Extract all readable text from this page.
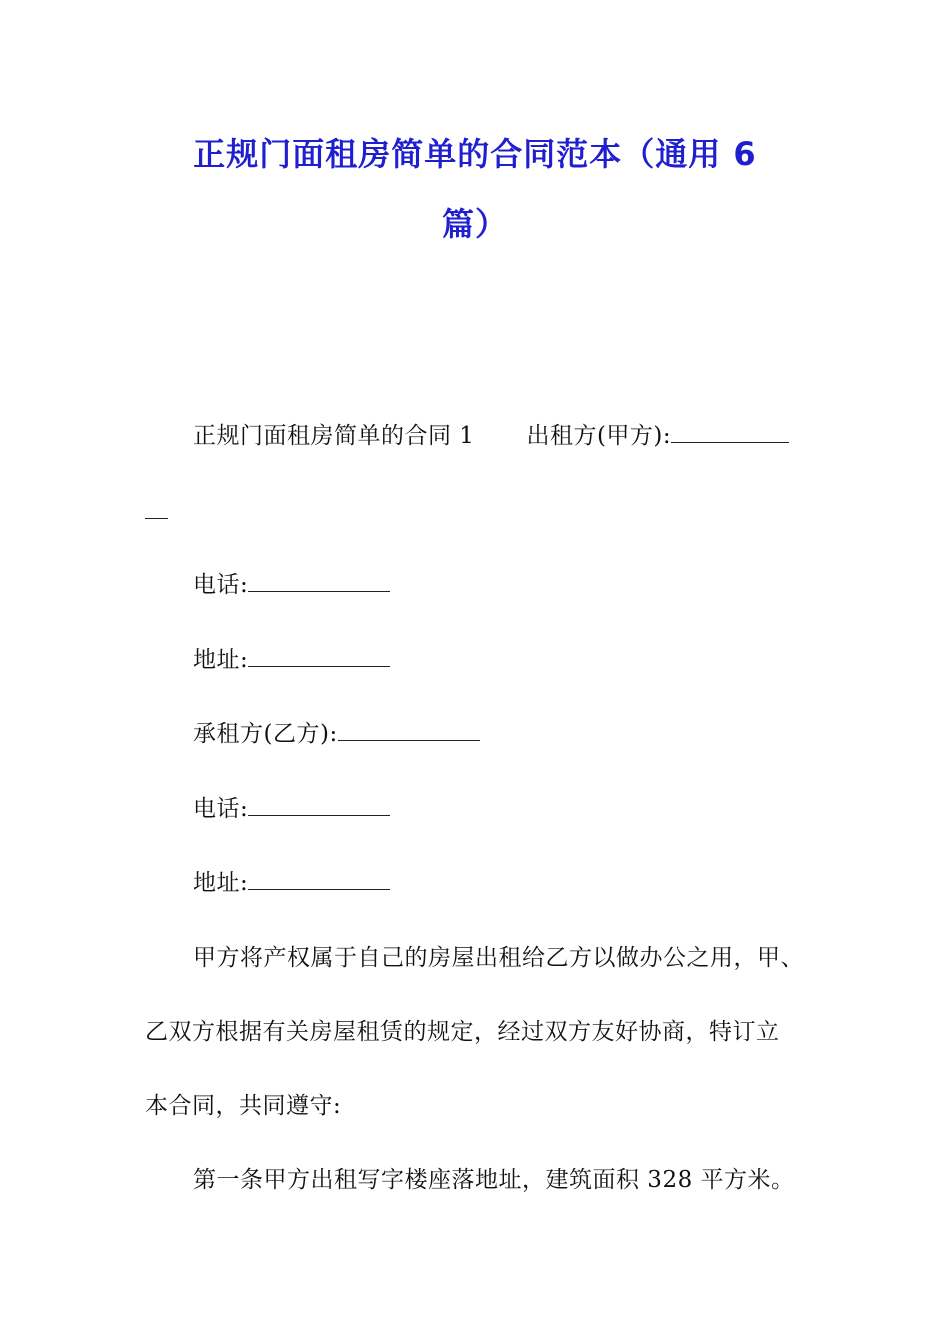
正规门面租房简单的合同范本（通用 6
篇）
正规门面租房简单的合同 1 出租方(甲方):
电话:
地址:
承租方(乙方):
电话:
地址:
甲方将产权属于自己的房屋出租给乙方以做办公之用，甲、
乙双方根据有关房屋租赁的规定，经过双方友好协商，特订立
本合同，共同遵守:
第一条甲方出租写字楼座落地址，建筑面积 328 平方米。
